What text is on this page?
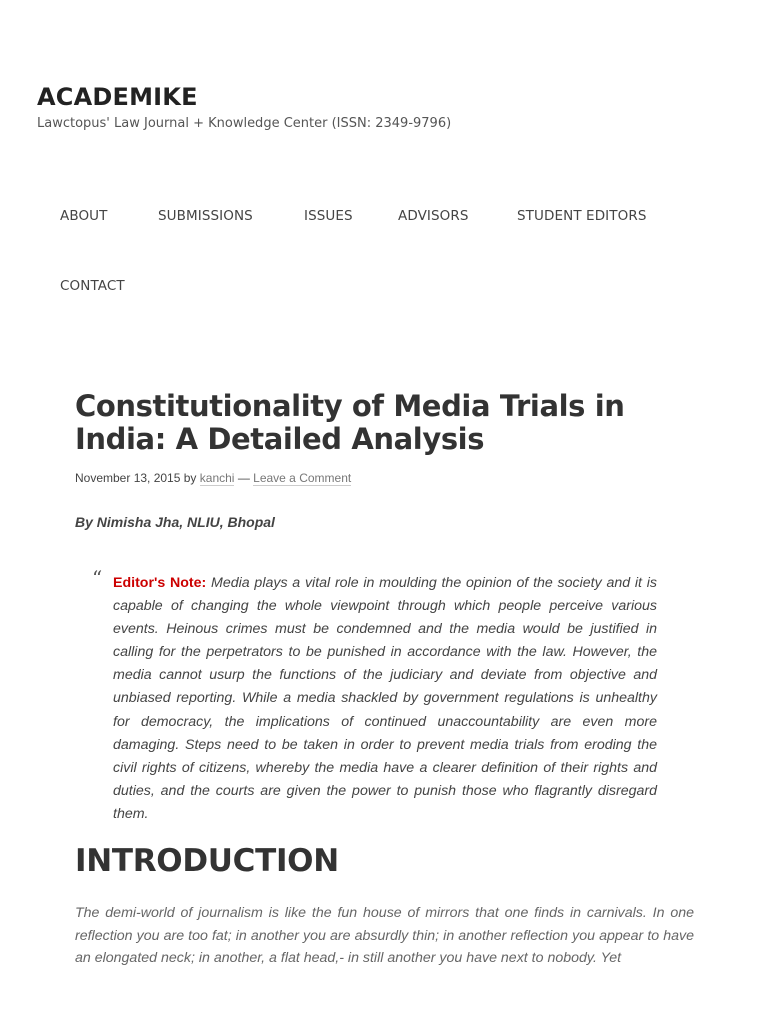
ACADEMIKE
Lawctopus' Law Journal + Knowledge Center (ISSN: 2349-9796)
ABOUT	SUBMISSIONS	ISSUES	ADVISORS	STUDENT EDITORS
CONTACT
Constitutionality of Media Trials in India: A Detailed Analysis
November 13, 2015 by kanchi — Leave a Comment
By Nimisha Jha, NLIU, Bhopal
“ Editor's Note: Media plays a vital role in moulding the opinion of the society and it is capable of changing the whole viewpoint through which people perceive various events. Heinous crimes must be condemned and the media would be justified in calling for the perpetrators to be punished in accordance with the law. However, the media cannot usurp the functions of the judiciary and deviate from objective and unbiased reporting. While a media shackled by government regulations is unhealthy for democracy, the implications of continued unaccountability are even more damaging. Steps need to be taken in order to prevent media trials from eroding the civil rights of citizens, whereby the media have a clearer definition of their rights and duties, and the courts are given the power to punish those who flagrantly disregard them.

INTRODUCTION

The demi-world of journalism is like the fun house of mirrors that one finds in carnivals. In one reflection you are too fat; in another you are absurdly thin; in another reflection you appear to have an elongated neck; in another, a flat head,- in still another you have next to nobody. Yet
